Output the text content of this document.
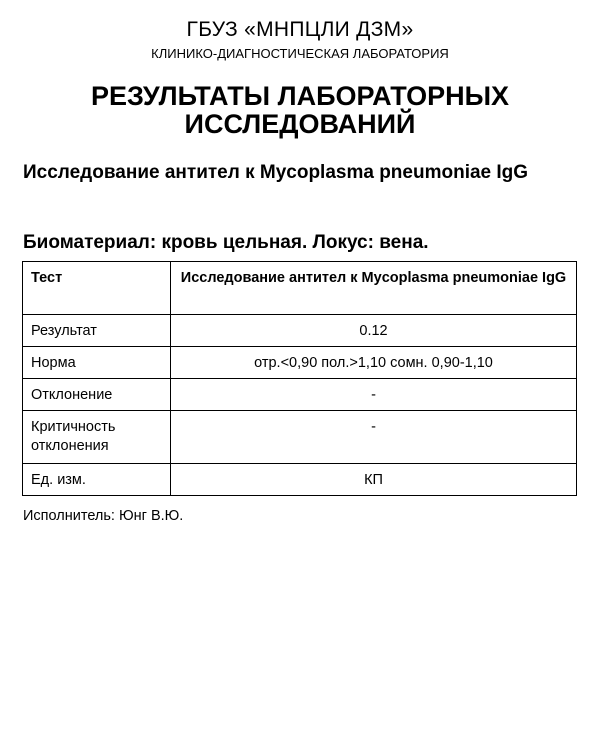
ГБУЗ «МНПЦЛИ ДЗМ»
КЛИНИКО-ДИАГНОСТИЧЕСКАЯ ЛАБОРАТОРИЯ
РЕЗУЛЬТАТЫ ЛАБОРАТОРНЫХ ИССЛЕДОВАНИЙ
Исследование антител к Mycoplasma pneumoniae IgG
Биоматериал: кровь цельная. Локус: вена.
Тест	Исследование антител к Mycoplasma pneumoniae IgG
Результат	0.12
Норма	отр.<0,90 пол.>1,10 сомн. 0,90-1,10
Отклонение	-
Критичность отклонения	-
Ед. изм.	КП
Исполнитель: Юнг В.Ю.
